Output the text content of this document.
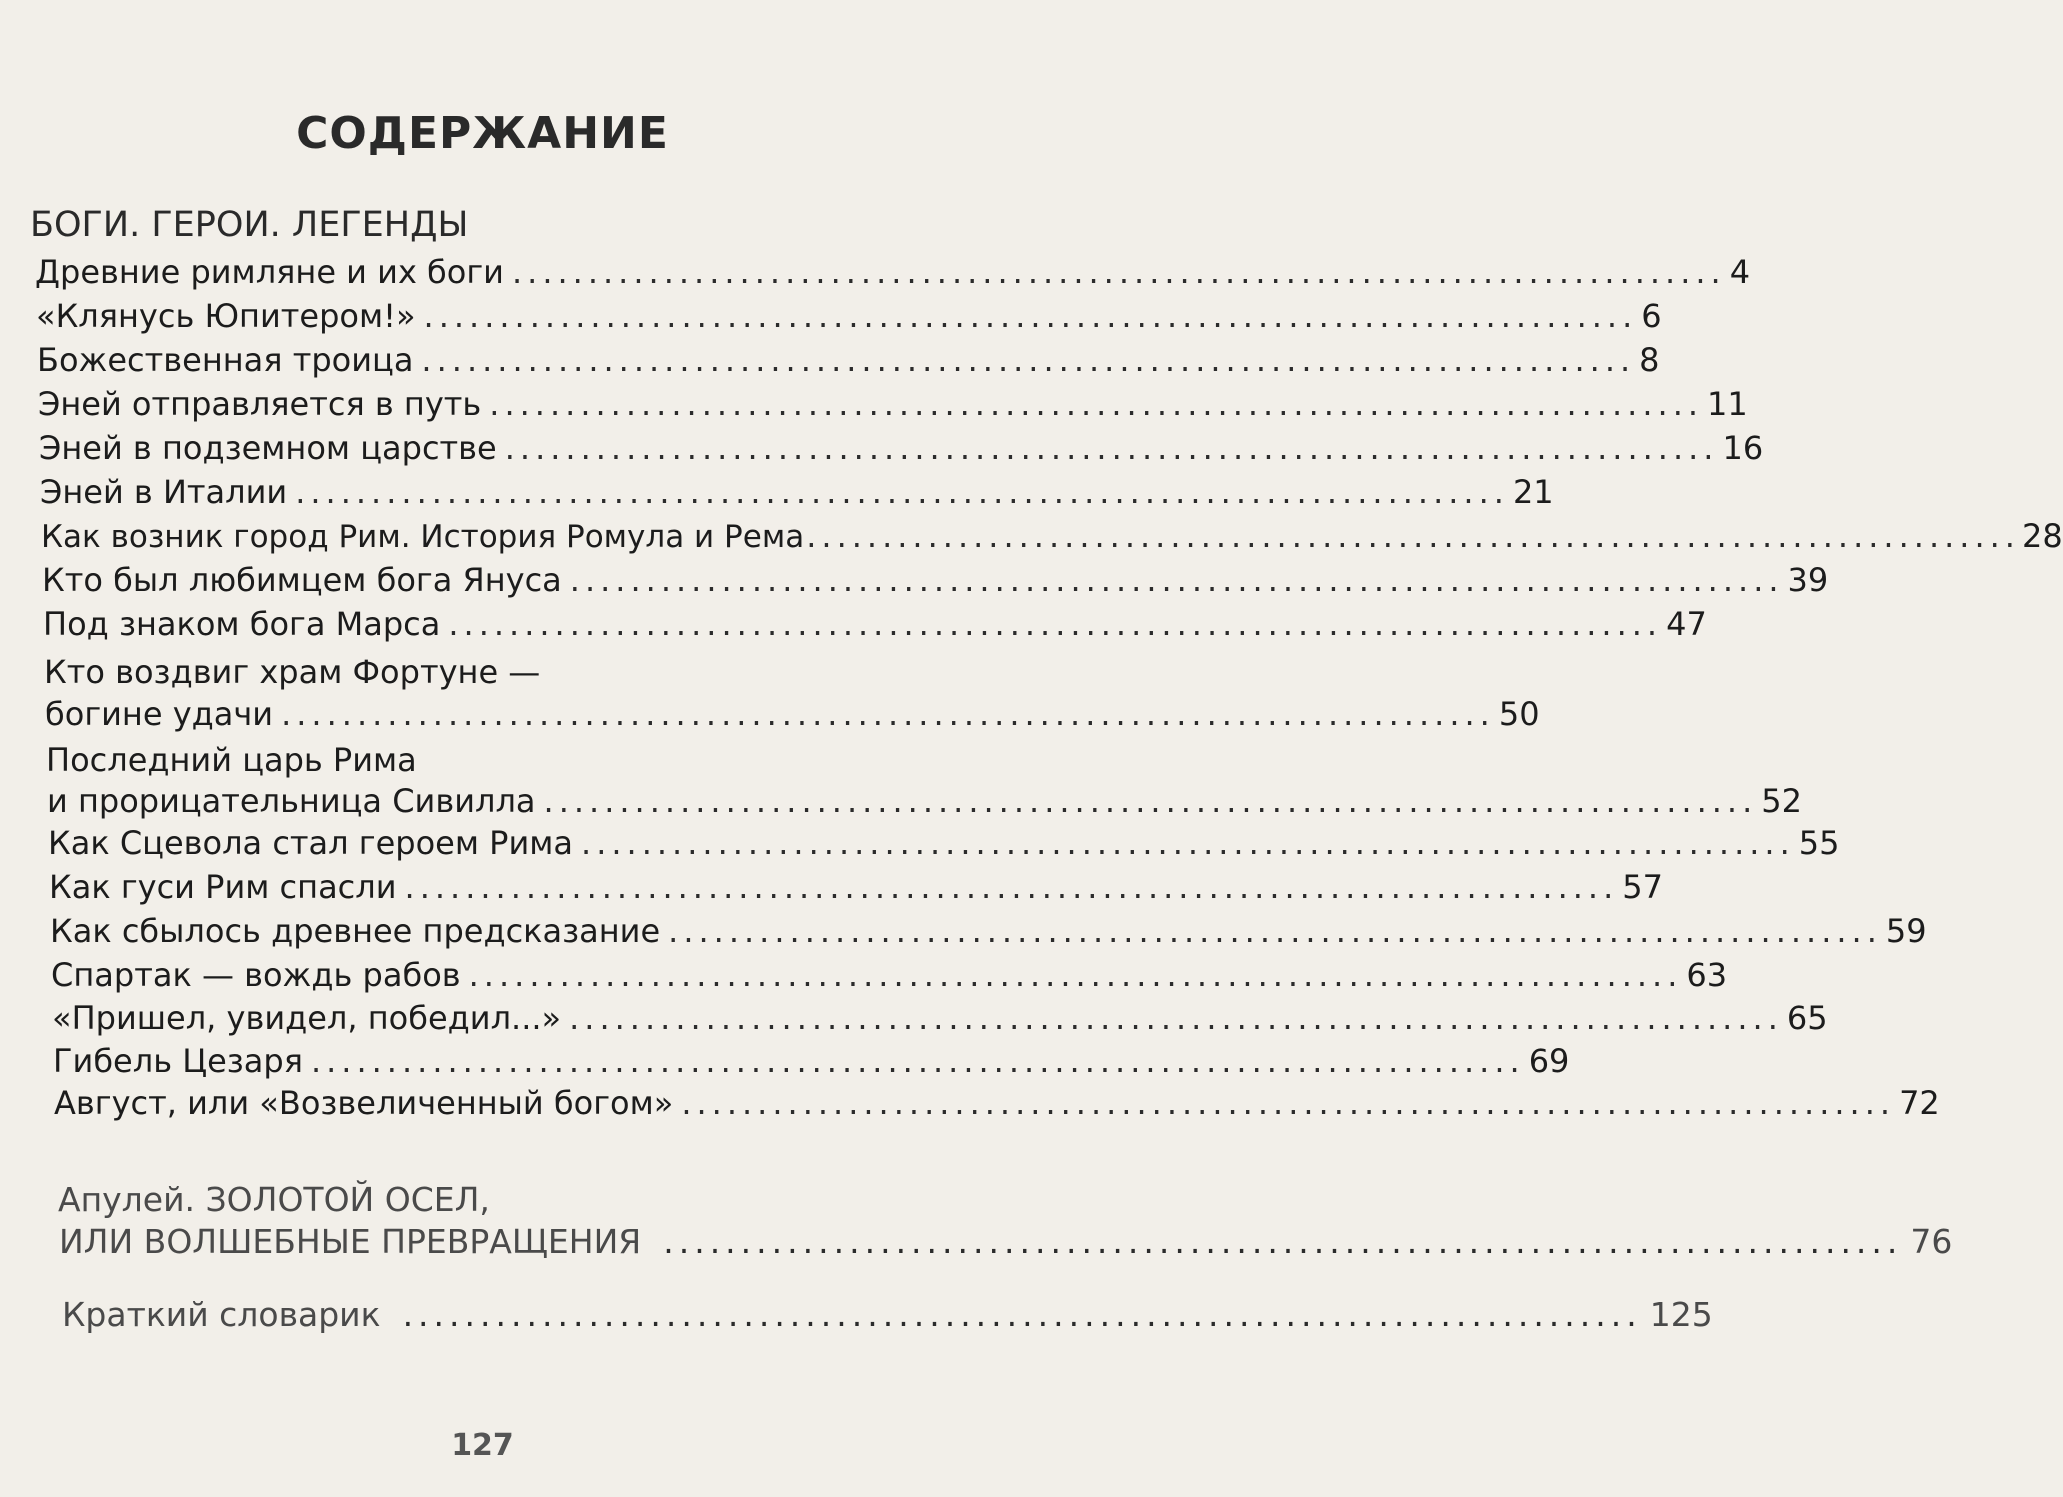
СОДЕРЖАНИЕ
БОГИ. ГЕРОИ. ЛЕГЕНДЫ
Древние римляне и их боги ................................................................................ 4
«Клянусь Юпитером!» ................................................................................ 6
Божественная троица ................................................................................ 8
Эней отправляется в путь ................................................................................ 11
Эней в подземном царстве ................................................................................ 16
Эней в Италии ................................................................................ 21
Как возник город Рим. История Ромула и Рема ................................................................................ 28
Кто был любимцем бога Януса ................................................................................ 39
Под знаком бога Марса ................................................................................ 47
Кто воздвиг храм Фортуне —
богине удачи ................................................................................ 50
Последний царь Рима
и прорицательница Сивилла ................................................................................ 52
Как Сцевола стал героем Рима ................................................................................ 55
Как гуси Рим спасли ................................................................................ 57
Как сбылось древнее предсказание ................................................................................ 59
Спартак — вождь рабов ................................................................................ 63
«Пришел, увидел, победил...» ................................................................................ 65
Гибель Цезаря ................................................................................ 69
Август, или «Возвеличенный богом» ................................................................................ 72
Апулей. ЗОЛОТОЙ ОСЕЛ,
ИЛИ ВОЛШЕБНЫЕ ПРЕВРАЩЕНИЯ ................................................................................ 76
Краткий словарик ................................................................................ 125
127
